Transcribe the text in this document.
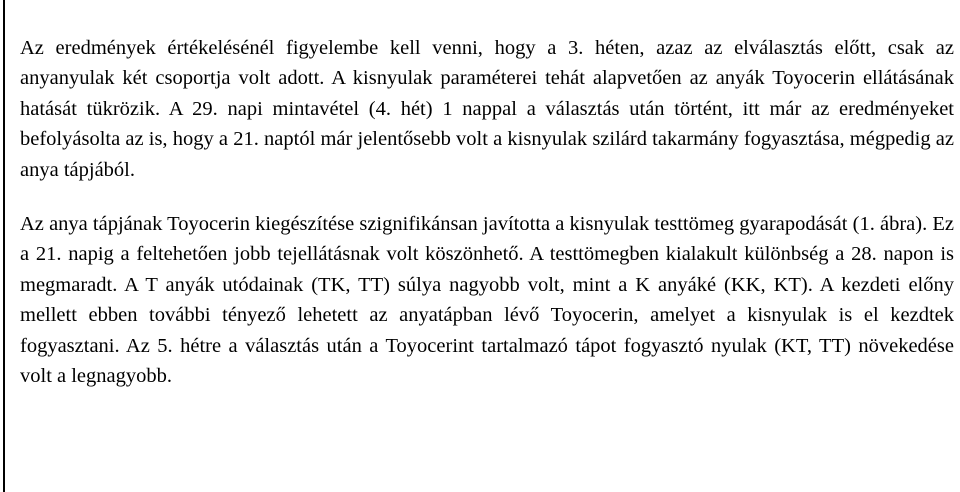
Az eredmények értékelésénél figyelembe kell venni, hogy a 3. héten, azaz az elválasztás előtt, csak az anyanyulak két csoportja volt adott. A kisnyulak paraméterei tehát alapvetően az anyák Toyocerin ellátásának hatását tükrözik. A 29. napi mintavétel (4. hét) 1 nappal a választás után történt, itt már az eredményeket befolyásolta az is, hogy a 21. naptól már jelentősebb volt a kisnyulak szilárd takarmány fogyasztása, mégpedig az anya tápjából.

Az anya tápjának Toyocerin kiegészítése szignifikánsan javította a kisnyulak testtömeg gyarapodását (1. ábra). Ez a 21. napig a feltehetően jobb tejellátásnak volt köszönhető. A testtömegben kialakult különbség a 28. napon is megmaradt. A T anyák utódainak (TK, TT) súlya nagyobb volt, mint a K anyáké (KK, KT). A kezdeti előny mellett ebben további tényező lehetett az anyatápban lévő Toyocerin, amelyet a kisnyulak is el kezdtek fogyasztani. Az 5. hétre a választás után a Toyocerint tartalmazó tápot fogyasztó nyulak (KT, TT) növekedése volt a legnagyobb.
